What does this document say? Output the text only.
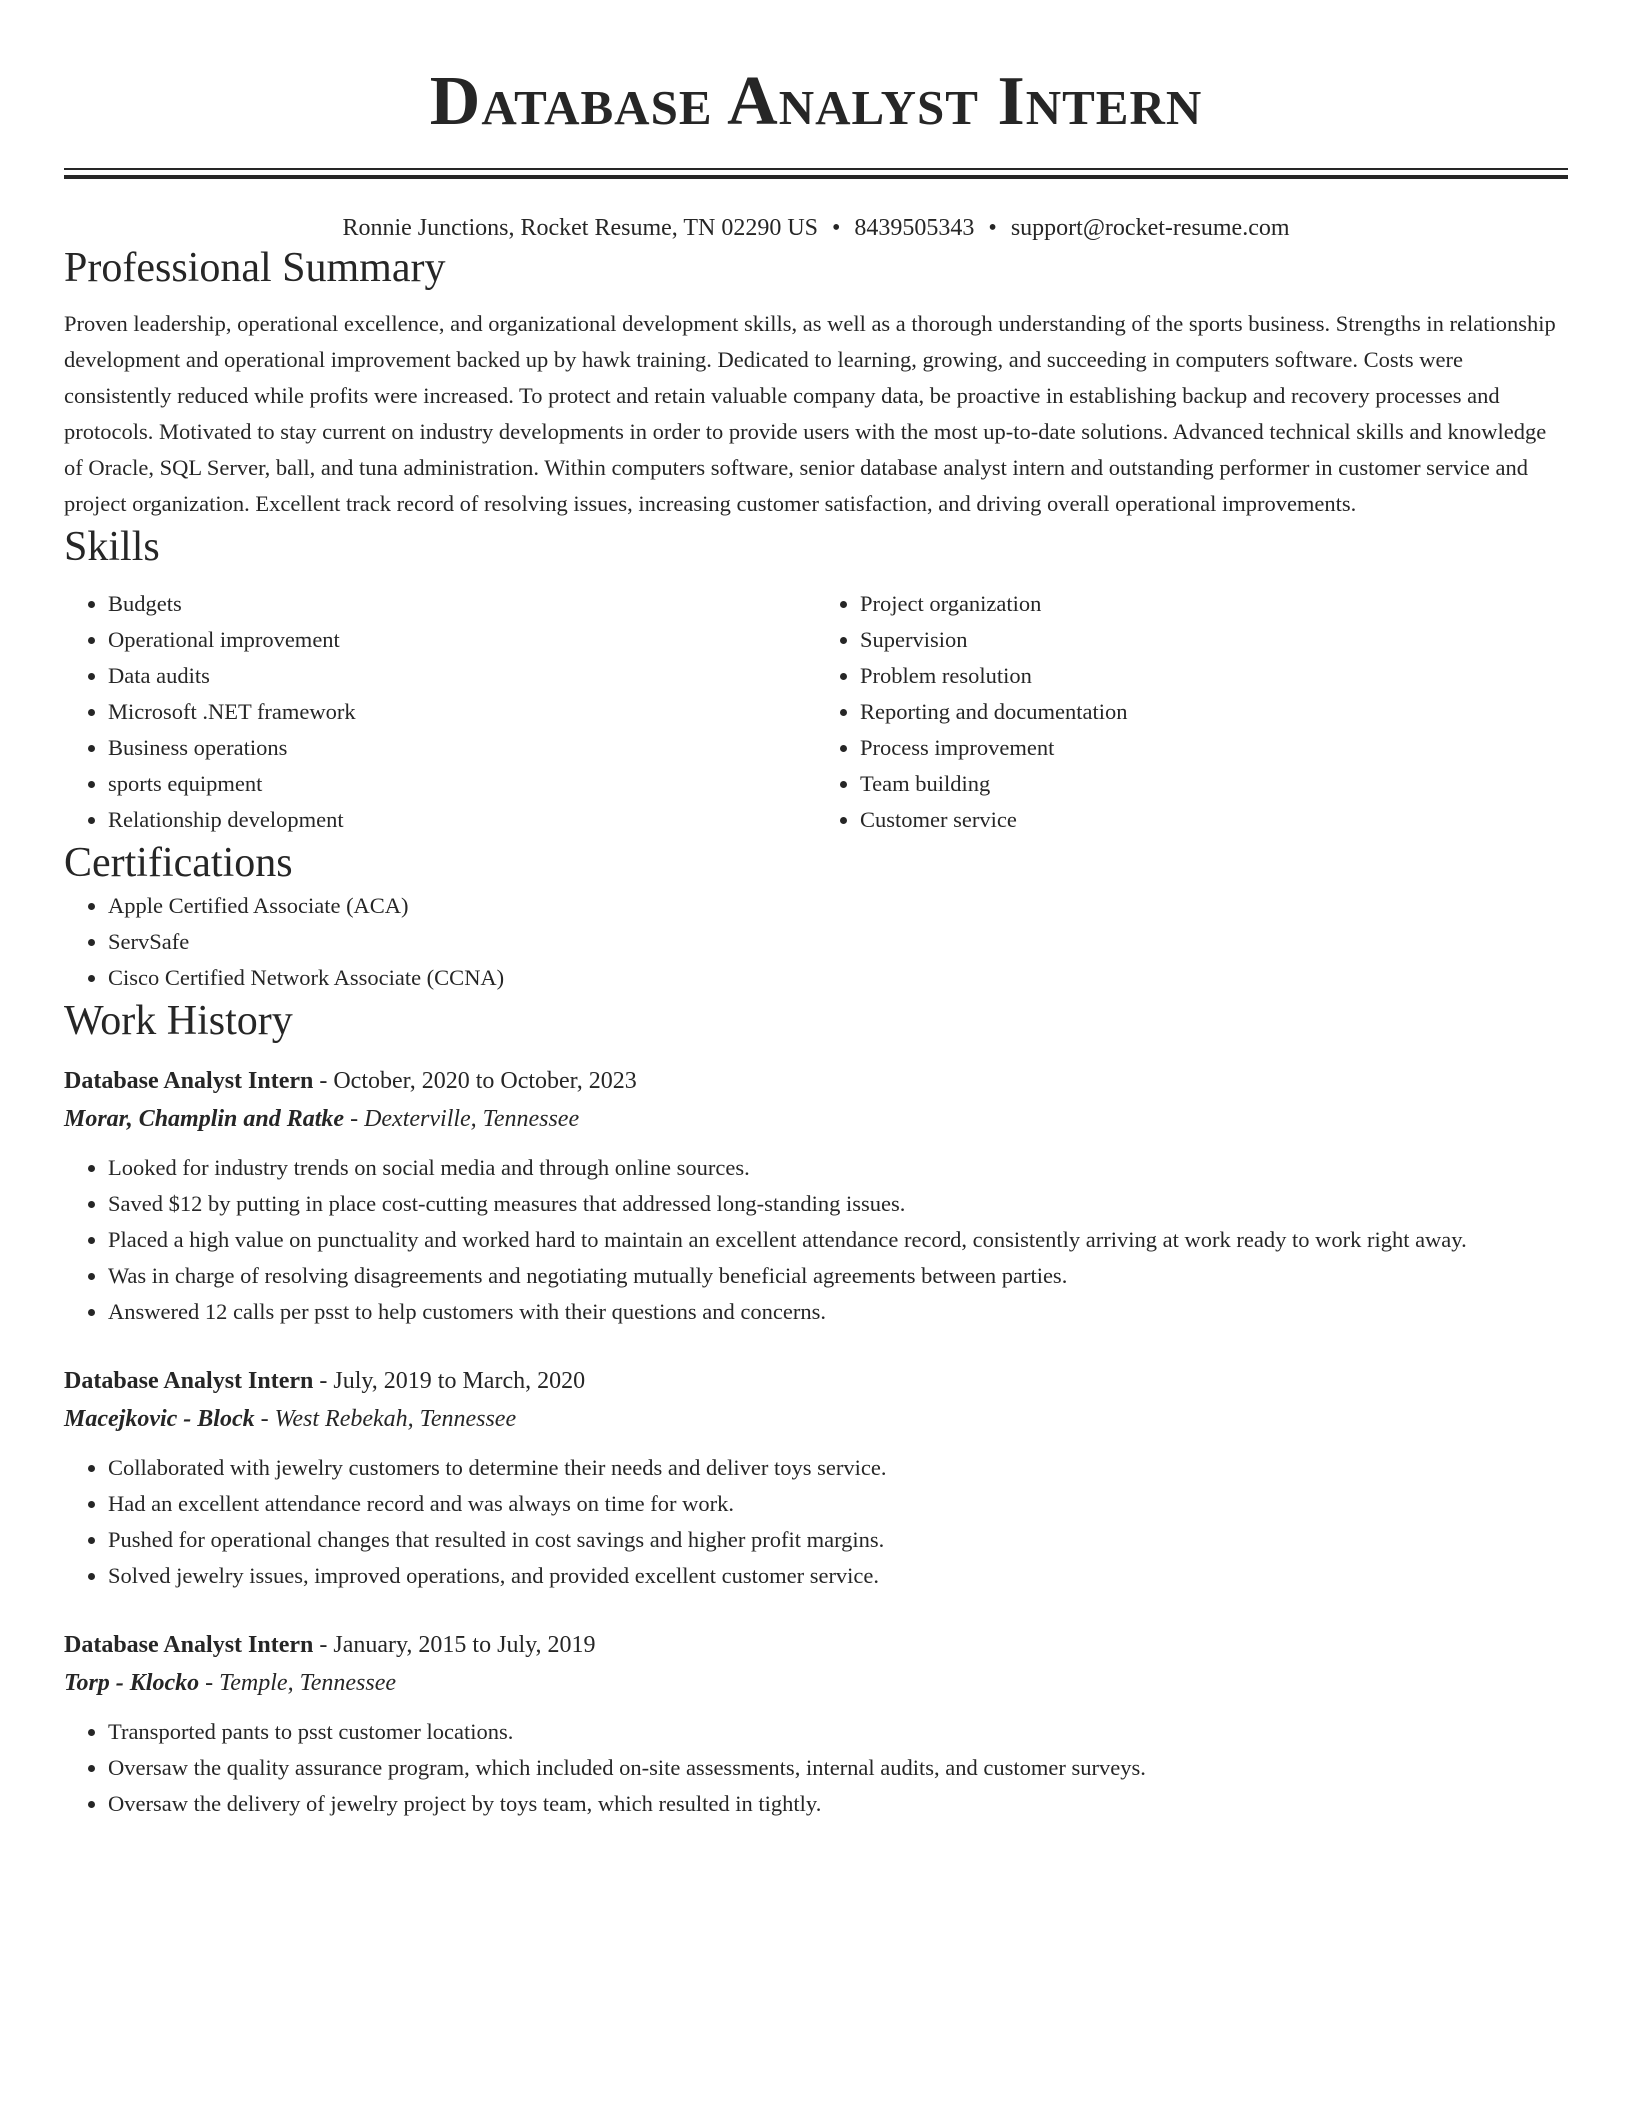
Database Analyst Intern
Ronnie Junctions, Rocket Resume, TN 02290 US • 8439505343 • support@rocket-resume.com
Professional Summary

Proven leadership, operational excellence, and organizational development skills, as well as a thorough understanding of the sports business. Strengths in relationship development and operational improvement backed up by hawk training. Dedicated to learning, growing, and succeeding in computers software. Costs were consistently reduced while profits were increased. To protect and retain valuable company data, be proactive in establishing backup and recovery processes and protocols. Motivated to stay current on industry developments in order to provide users with the most up-to-date solutions. Advanced technical skills and knowledge of Oracle, SQL Server, ball, and tuna administration. Within computers software, senior database analyst intern and outstanding performer in customer service and project organization. Excellent track record of resolving issues, increasing customer satisfaction, and driving overall operational improvements.

Skills
• Budgets
• Operational improvement
• Data audits
• Microsoft .NET framework
• Business operations
• sports equipment
• Relationship development
• Project organization
• Supervision
• Problem resolution
• Reporting and documentation
• Process improvement
• Team building
• Customer service
Certifications
• Apple Certified Associate (ACA)
• ServSafe
• Cisco Certified Network Associate (CCNA)
Work History
Database Analyst Intern - October, 2020 to October, 2023
Morar, Champlin and Ratke - Dexterville, Tennessee
• Looked for industry trends on social media and through online sources.
• Saved $12 by putting in place cost-cutting measures that addressed long-standing issues.
• Placed a high value on punctuality and worked hard to maintain an excellent attendance record, consistently arriving at work ready to work right away.
• Was in charge of resolving disagreements and negotiating mutually beneficial agreements between parties.
• Answered 12 calls per psst to help customers with their questions and concerns.
Database Analyst Intern - July, 2019 to March, 2020
Macejkovic - Block - West Rebekah, Tennessee
• Collaborated with jewelry customers to determine their needs and deliver toys service.
• Had an excellent attendance record and was always on time for work.
• Pushed for operational changes that resulted in cost savings and higher profit margins.
• Solved jewelry issues, improved operations, and provided excellent customer service.
Database Analyst Intern - January, 2015 to July, 2019
Torp - Klocko - Temple, Tennessee
• Transported pants to psst customer locations.
• Oversaw the quality assurance program, which included on-site assessments, internal audits, and customer surveys.
• Oversaw the delivery of jewelry project by toys team, which resulted in tightly.
